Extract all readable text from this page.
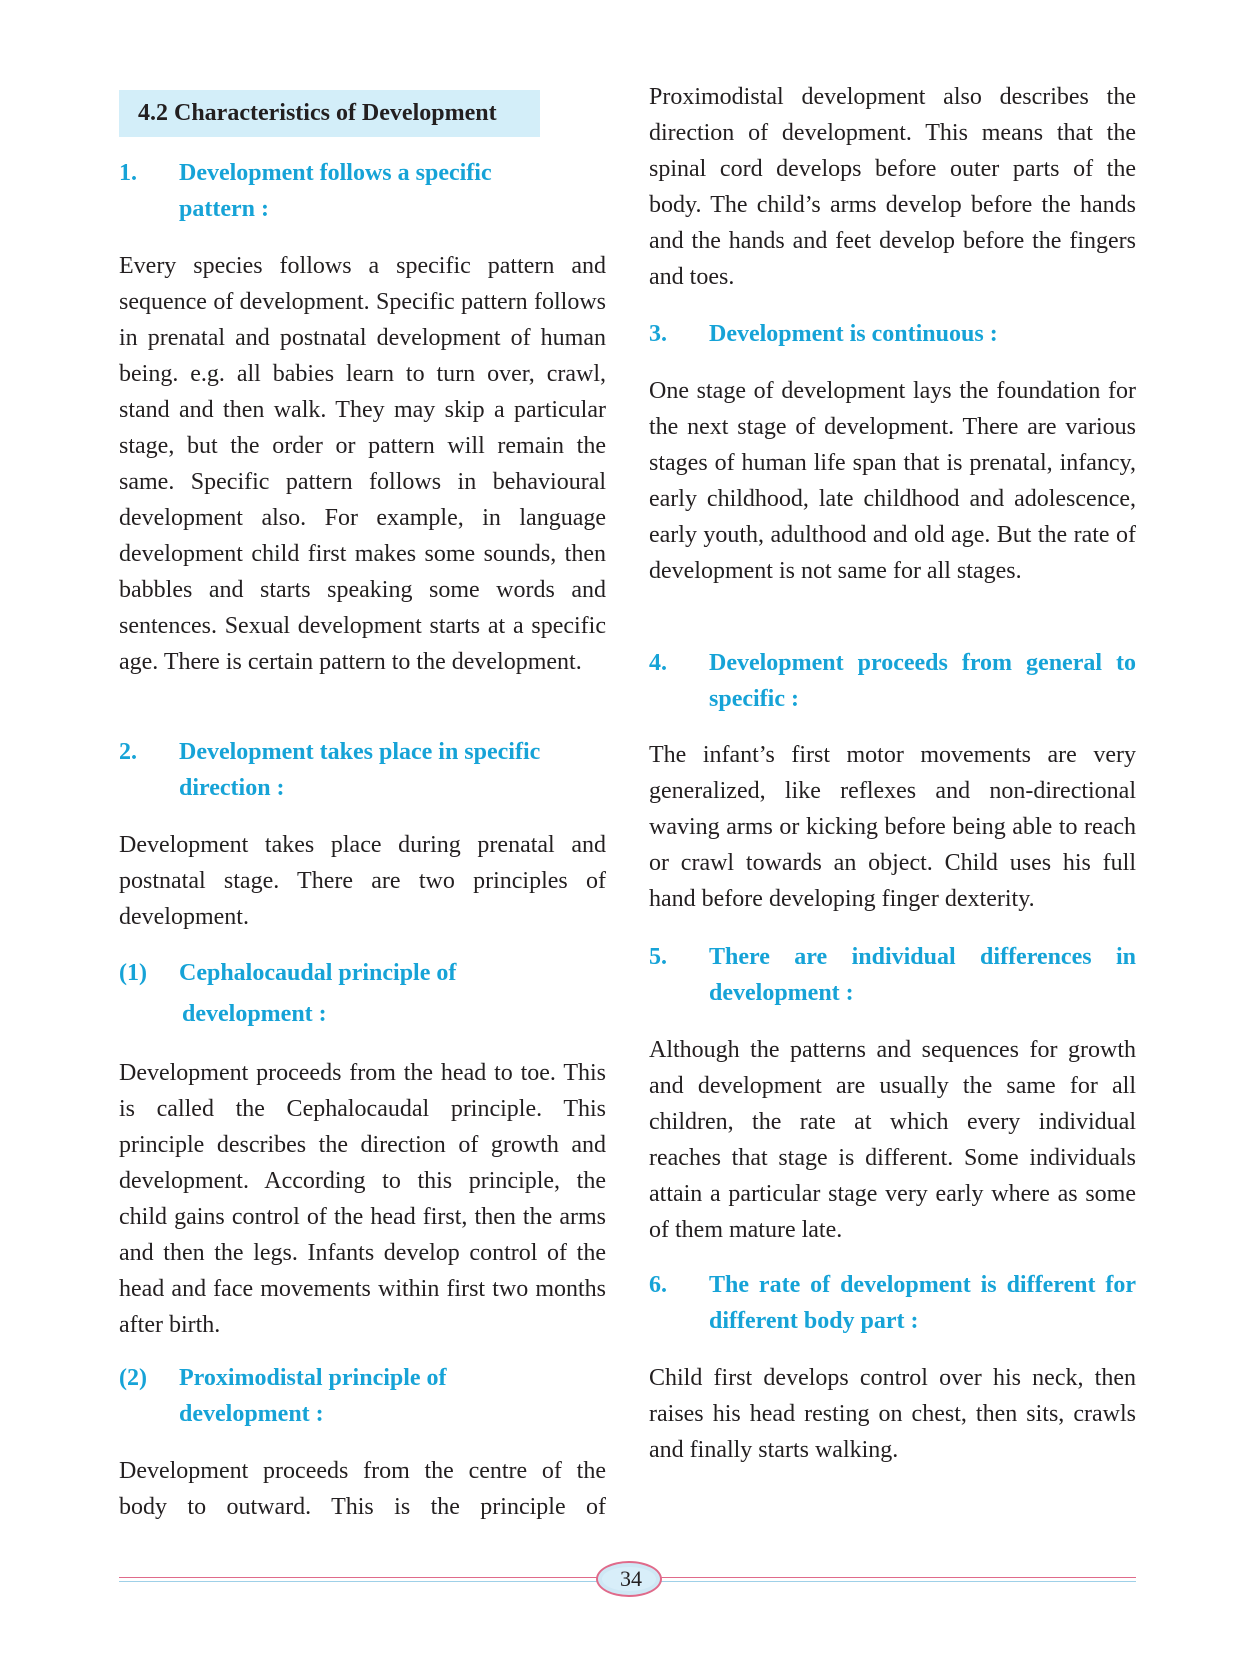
4.2 Characteristics of Development
1. Development follows a specific pattern :

Every species follows a specific pattern and sequence of development. Specific pattern follows in prenatal and postnatal development of human being. e.g. all babies learn to turn over, crawl, stand and then walk. They may skip a particular stage, but the order or pattern will remain the same. Specific pattern follows in behavioural development also. For example, in language development child first makes some sounds, then babbles and starts speaking some words and sentences. Sexual development starts at a specific age. There is certain pattern to the development.

2. Development takes place in specific direction :

Development takes place during prenatal and postnatal stage. There are two principles of development.

(1) Cephalocaudal principle of
development :

Development proceeds from the head to toe. This is called the Cephalocaudal principle. This principle describes the direction of growth and development. According to this principle, the child gains control of the head first, then the arms and then the legs. Infants develop control of the head and face movements within first two months after birth.

(2) Proximodistal principle of development :

Development proceeds from the centre of the body to outward. This is the principle of

Proximodistal development also describes the direction of development. This means that the spinal cord develops before outer parts of the body. The child’s arms develop before the hands and the hands and feet develop before the fingers and toes.

3. Development is continuous :

One stage of development lays the foundation for the next stage of development. There are various stages of human life span that is prenatal, infancy, early childhood, late childhood and adolescence, early youth, adulthood and old age. But the rate of development is not same for all stages.

4. Development proceeds from general to specific :

The infant’s first motor movements are very generalized, like reflexes and non-directional waving arms or kicking before being able to reach or crawl towards an object. Child uses his full hand before developing finger dexterity.

5. There are individual differences in development :

Although the patterns and sequences for growth and development are usually the same for all children, the rate at which every individual reaches that stage is different. Some individuals attain a particular stage very early where as some of them mature late.

6. The rate of development is different for different body part :

Child first develops control over his neck, then raises his head resting on chest, then sits, crawls and finally starts walking.

34
